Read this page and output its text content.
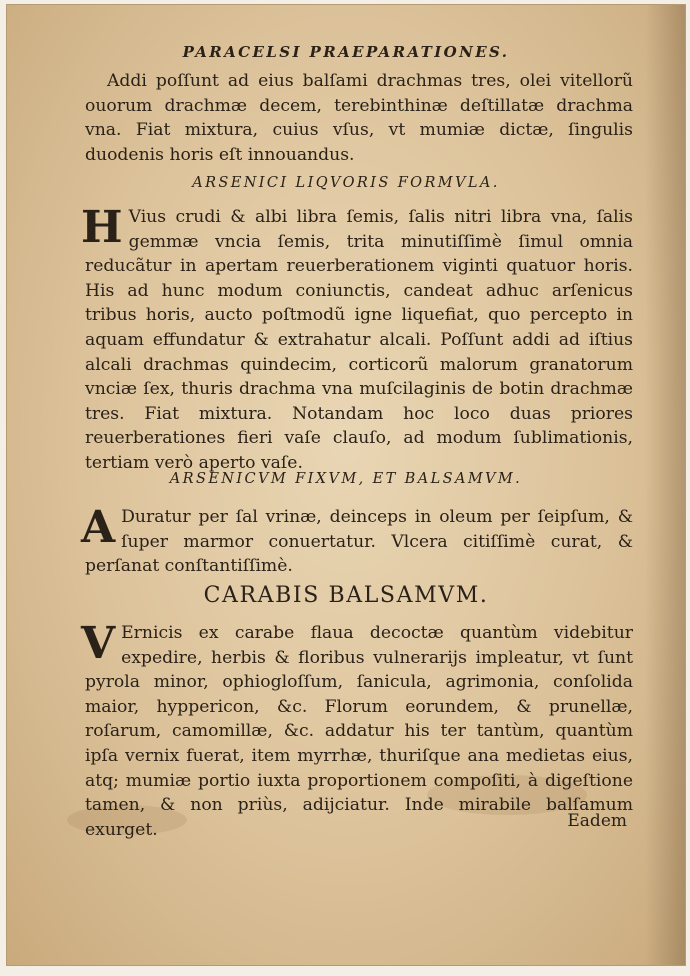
PARACELSI PRAEPARATIONES.

Addi poſſunt ad eius balſami drachmas tres, olei vitellorũ ouorum drachmæ decem, terebinthinæ deſtillatæ drachma vna. Fiat mixtura, cuius vſus, vt mumiæ dictæ, ſingulis duodenis horis eſt innouandus.

ARSENICI LIQVORIS FORMVLA.

H Vius crudi & albi libra ſemis, ſalis nitri libra vna, ſalis gemmæ vncia ſemis, trita minutiſſimè ſimul omnia reducãtur in apertam reuerberationem viginti quatuor horis. His ad hunc modum coniunctis, candeat adhuc arſenicus tribus horis, aucto poſtmodũ igne liquefiat, quo percepto in aquam effundatur & extrahatur alcali. Poſſunt addi ad iſtius alcali drachmas quindecim, corticorũ malorum granatorum vnciæ ſex, thuris drachma vna muſcilaginis de botin drachmæ tres. Fiat mixtura. Notandam hoc loco duas priores reuerberationes fieri vaſe clauſo, ad modum ſublimationis, tertiam verò aperto vaſe.

ARSENICVM FIXVM, ET BALSAMVM.

A Duratur per ſal vrinæ, deinceps in oleum per ſeipſum, & ſuper marmor conuertatur. Vlcera citiſſimè curat, & perſanat conſtantiſſimè.

CARABIS BALSAMVM.

V Ernicis ex carabe flaua decoctæ quantùm videbitur expedire, herbis & floribus vulnerarijs impleatur, vt ſunt pyrola minor, ophiogloſſum, ſanicula, agrimonia, conſolida maior, hyppericon, &c. Florum eorundem, & prunellæ, roſarum, camomillæ, &c. addatur his ter tantùm, quantùm ipſa vernix fuerat, item myrrhæ, thuriſque ana medietas eius, atq; mumiæ portio iuxta proportionem compoſiti, à digeſtione tamen, & non priùs, adijciatur. Inde mirabile balſamum exurget.	Eadem
